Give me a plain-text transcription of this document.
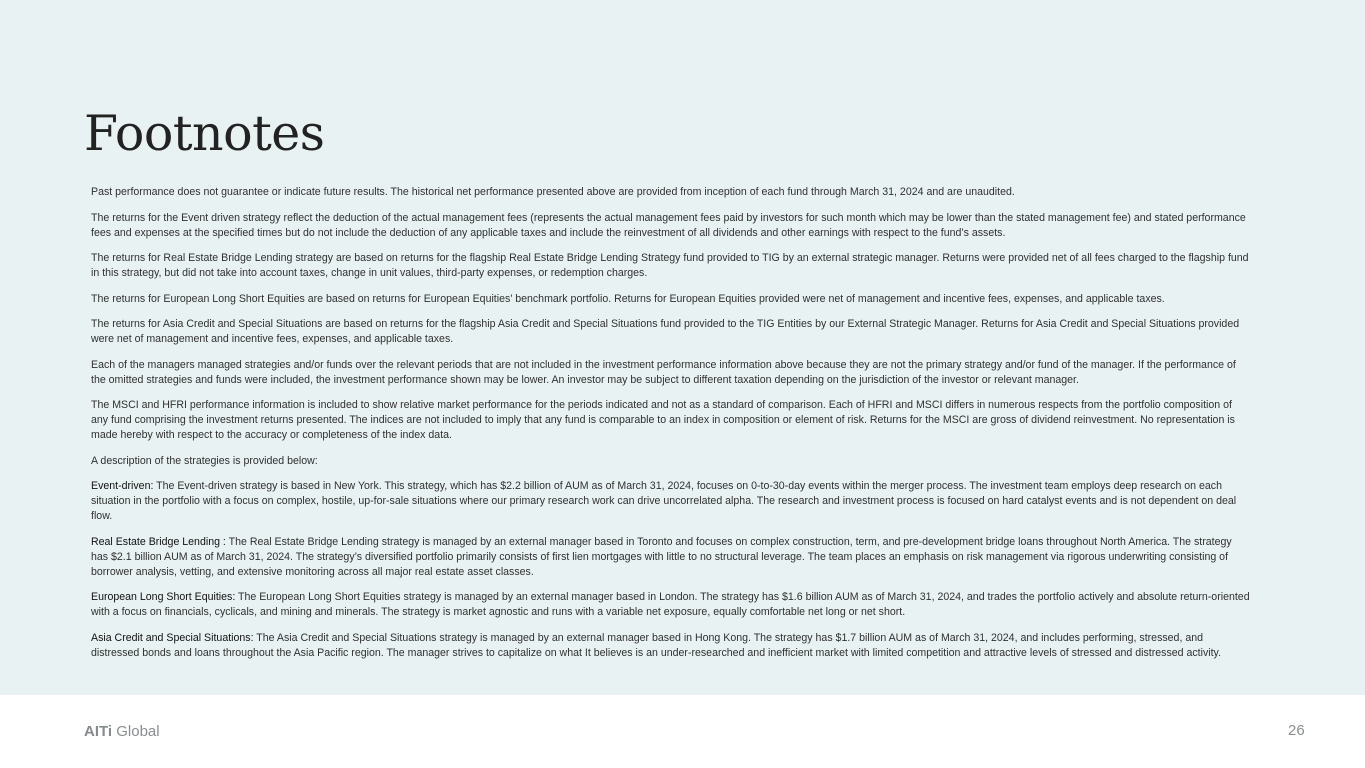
Footnotes

Past performance does not guarantee or indicate future results. The historical net performance presented above are provided from inception of each fund through March 31, 2024 and are unaudited.

The returns for the Event driven strategy reflect the deduction of the actual management fees (represents the actual management fees paid by investors for such month which may be lower than the stated management fee) and stated performance fees and expenses at the specified times but do not include the deduction of any applicable taxes and include the reinvestment of all dividends and other earnings with respect to the fund’s assets.

The returns for Real Estate Bridge Lending strategy are based on returns for the flagship Real Estate Bridge Lending Strategy fund provided to TIG by an external strategic manager. Returns were provided net of all fees charged to the flagship fund in this strategy, but did not take into account taxes, change in unit values, third-party expenses, or redemption charges.

The returns for European Long Short Equities are based on returns for European Equities’ benchmark portfolio. Returns for European Equities provided were net of management and incentive fees, expenses, and applicable taxes.

The returns for Asia Credit and Special Situations are based on returns for the flagship Asia Credit and Special Situations fund provided to the TIG Entities by our External Strategic Manager. Returns for Asia Credit and Special Situations provided were net of management and incentive fees, expenses, and applicable taxes.

Each of the managers managed strategies and/or funds over the relevant periods that are not included in the investment performance information above because they are not the primary strategy and/or fund of the manager. If the performance of the omitted strategies and funds were included, the investment performance shown may be lower. An investor may be subject to different taxation depending on the jurisdiction of the investor or relevant manager.

The MSCI and HFRI performance information is included to show relative market performance for the periods indicated and not as a standard of comparison. Each of HFRI and MSCI differs in numerous respects from the portfolio composition of any fund comprising the investment returns presented. The indices are not included to imply that any fund is comparable to an index in composition or element of risk. Returns for the MSCI are gross of dividend reinvestment. No representation is made hereby with respect to the accuracy or completeness of the index data.

A description of the strategies is provided below:

Event-driven: The Event-driven strategy is based in New York. This strategy, which has $2.2 billion of AUM as of March 31, 2024, focuses on 0-to-30-day events within the merger process. The investment team employs deep research on each situation in the portfolio with a focus on complex, hostile, up-for-sale situations where our primary research work can drive uncorrelated alpha. The research and investment process is focused on hard catalyst events and is not dependent on deal flow.

Real Estate Bridge Lending : The Real Estate Bridge Lending strategy is managed by an external manager based in Toronto and focuses on complex construction, term, and pre-development bridge loans throughout North America. The strategy has $2.1 billion AUM as of March 31, 2024. The strategy’s diversified portfolio primarily consists of first lien mortgages with little to no structural leverage. The team places an emphasis on risk management via rigorous underwriting consisting of borrower analysis, vetting, and extensive monitoring across all major real estate asset classes.

European Long Short Equities: The European Long Short Equities strategy is managed by an external manager based in London. The strategy has $1.6 billion AUM as of March 31, 2024, and trades the portfolio actively and absolute return-oriented with a focus on financials, cyclicals, and mining and minerals. The strategy is market agnostic and runs with a variable net exposure, equally comfortable net long or net short.

Asia Credit and Special Situations: The Asia Credit and Special Situations strategy is managed by an external manager based in Hong Kong. The strategy has $1.7 billion AUM as of March 31, 2024, and includes performing, stressed, and distressed bonds and loans throughout the Asia Pacific region. The manager strives to capitalize on what It believes is an under-researched and inefficient market with limited competition and attractive levels of stressed and distressed activity.

AITi Global	26
